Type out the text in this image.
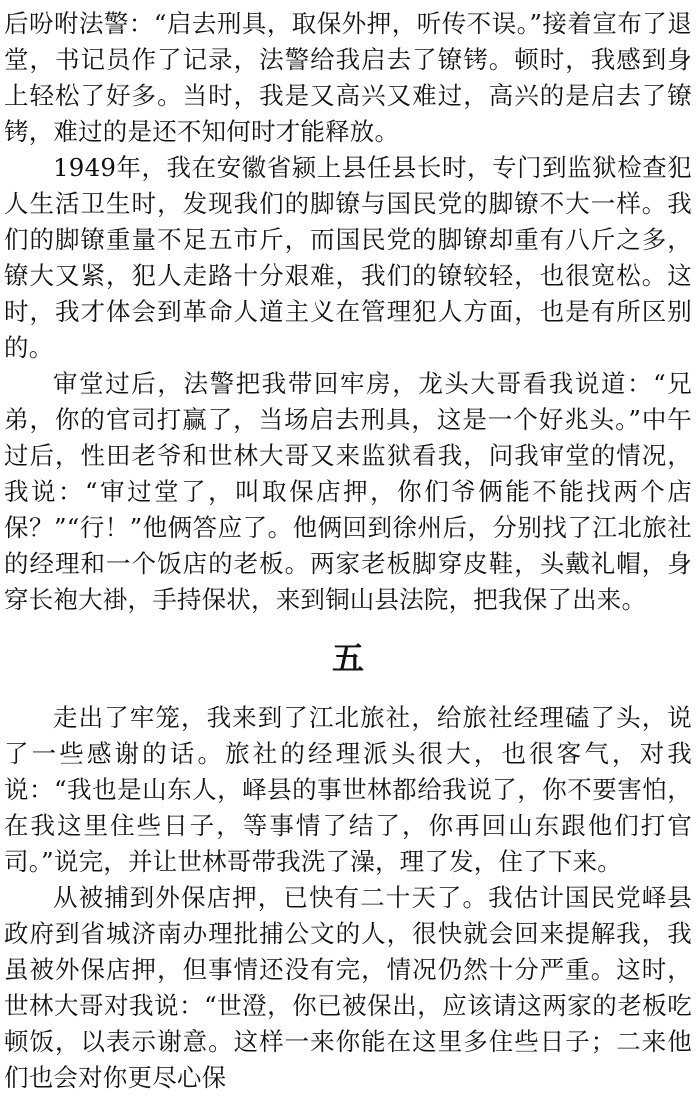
后吩咐法警：“启去刑具，取保外押，听传不误。”接着宣布了退堂，书记员作了记录，法警给我启去了镣铐。顿时，我感到身上轻松了好多。当时，我是又高兴又难过，高兴的是启去了镣铐，难过的是还不知何时才能释放。

1949年，我在安徽省颍上县任县长时，专门到监狱检查犯人生活卫生时，发现我们的脚镣与国民党的脚镣不大一样。我们的脚镣重量不足五市斤，而国民党的脚镣却重有八斤之多，镣大又紧，犯人走路十分艰难，我们的镣较轻，也很宽松。这时，我才体会到革命人道主义在管理犯人方面，也是有所区别的。

审堂过后，法警把我带回牢房，龙头大哥看我说道：“兄弟，你的官司打赢了，当场启去刑具，这是一个好兆头。”中午过后，性田老爷和世林大哥又来监狱看我，问我审堂的情况，我说：“审过堂了，叫取保店押，你们爷俩能不能找两个店保？”“行！”他俩答应了。他俩回到徐州后，分别找了江北旅社的经理和一个饭店的老板。两家老板脚穿皮鞋，头戴礼帽，身穿长袍大褂，手持保状，来到铜山县法院，把我保了出来。

五

走出了牢笼，我来到了江北旅社，给旅社经理磕了头，说了一些感谢的话。旅社的经理派头很大，也很客气，对我说：“我也是山东人，峄县的事世林都给我说了，你不要害怕，在我这里住些日子，等事情了结了，你再回山东跟他们打官司。”说完，并让世林哥带我洗了澡，理了发，住了下来。

从被捕到外保店押，已快有二十天了。我估计国民党峄县政府到省城济南办理批捕公文的人，很快就会回来提解我，我虽被外保店押，但事情还没有完，情况仍然十分严重。这时，世林大哥对我说：“世澄，你已被保出，应该请这两家的老板吃顿饭，以表示谢意。这样一来你能在这里多住些日子；二来他们也会对你更尽心保
